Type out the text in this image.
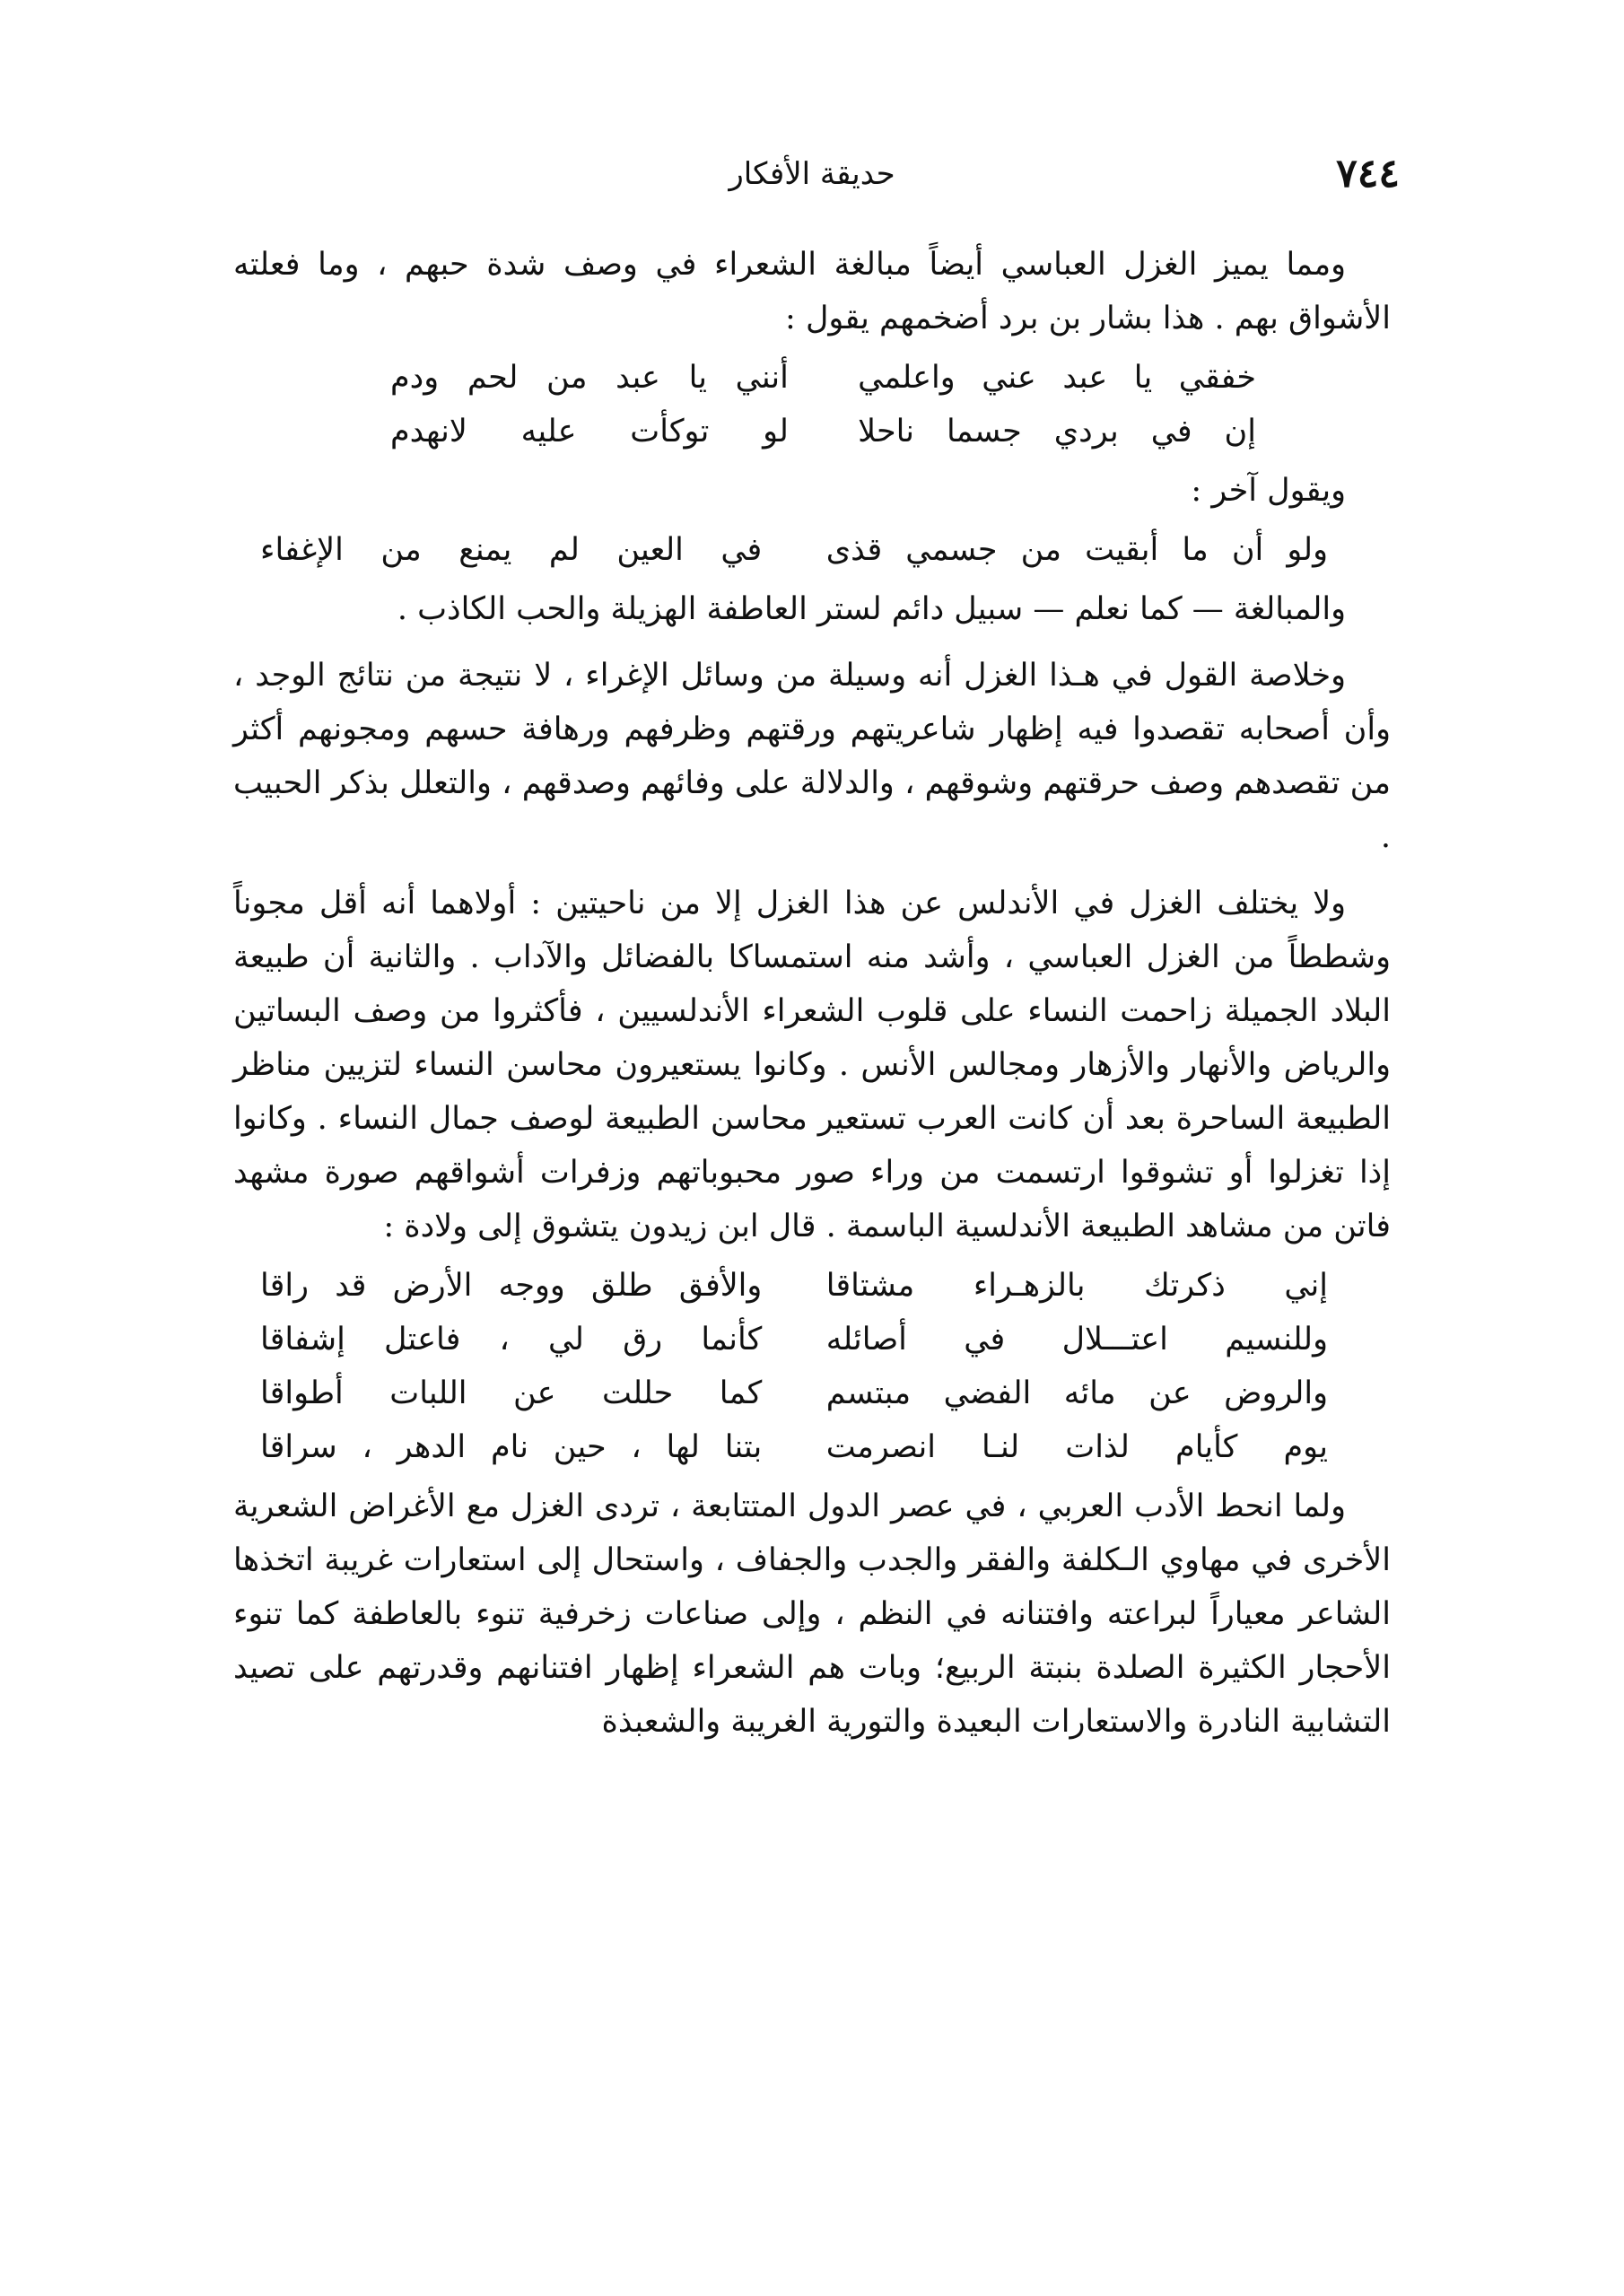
٧٤٤
حديقة الأفكار

ومما يميز الغزل العباسي أيضاً مبالغة الشعراء في وصف شدة حبهم ، وما فعلته الأشواق بهم . هذا بشار بن برد أضخمهم يقول :

خفقي يا عبد عني واعلمي
أنني يا عبد من لحم ودم
إن في بردي جسما ناحلا
لو توكأت عليه لانهدم

ويقول آخر :

ولو أن ما أبقيت من جسمي قذى
في العين لم يمنع من الإغفاء

والمبالغة — كما نعلم — سبيل دائم لستر العاطفة الهزيلة والحب الكاذب .

وخلاصة القول في هـذا الغزل أنه وسيلة من وسائل الإغراء ، لا نتيجة من نتائج الوجد ، وأن أصحابه تقصدوا فيه إظهار شاعريتهم ورقتهم وظرفهم ورهافة حسهم ومجونهم أكثر من تقصدهم وصف حرقتهم وشوقهم ، والدلالة على وفائهم وصدقهم ، والتعلل بذكر الحبيب .

ولا يختلف الغزل في الأندلس عن هذا الغزل إلا من ناحيتين : أولاهما أنه أقل مجوناً وشططاً من الغزل العباسي ، وأشد منه استمساكا بالفضائل والآداب . والثانية أن طبيعة البلاد الجميلة زاحمت النساء على قلوب الشعراء الأندلسيين ، فأكثروا من وصف البساتين والرياض والأنهار والأزهار ومجالس الأنس . وكانوا يستعيرون محاسن النساء لتزيين مناظر الطبيعة الساحرة بعد أن كانت العرب تستعير محاسن الطبيعة لوصف جمال النساء . وكانوا إذا تغزلوا أو تشوقوا ارتسمت من وراء صور محبوباتهم وزفرات أشواقهم صورة مشهد فاتن من مشاهد الطبيعة الأندلسية الباسمة . قال ابن زيدون يتشوق إلى ولادة :

إني ذكرتك بالزهـراء مشتاقا
والأفق طلق ووجه الأرض قد راقا
وللنسيم اعتـــلال في أصائله
كأنما رق لي ، فاعتل إشفاقا
والروض عن مائه الفضي مبتسم
كما حللت عن اللبات أطواقا
يوم كأيام لذات لنـا انصرمت
بتنا لها ، حين نام الدهر ، سراقا

ولما انحط الأدب العربي ، في عصر الدول المتتابعة ، تردى الغزل مع الأغراض الشعرية الأخرى في مهاوي الـكلفة والفقر والجدب والجفاف ، واستحال إلى استعارات غريبة اتخذها الشاعر معياراً لبراعته وافتنانه في النظم ، وإلى صناعات زخرفية تنوء بالعاطفة كما تنوء الأحجار الكثيرة الصلدة بنبتة الربيع؛ وبات هم الشعراء إظهار افتنانهم وقدرتهم على تصيد التشابية النادرة والاستعارات البعيدة والتورية الغريبة والشعبذة
